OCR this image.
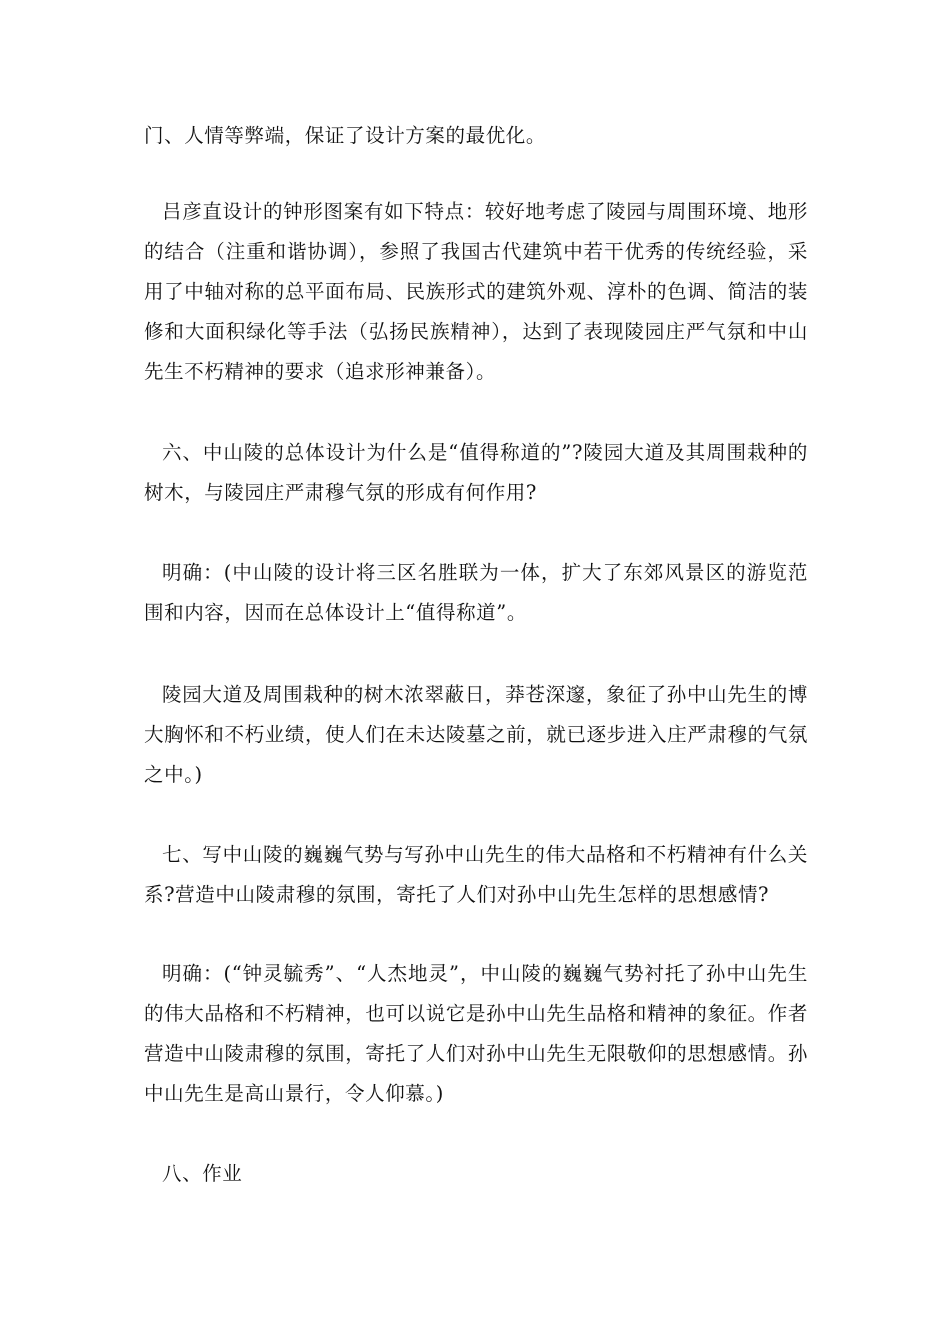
门、人情等弊端，保证了设计方案的最优化。

吕彦直设计的钟形图案有如下特点：较好地考虑了陵园与周围环境、地形的结合（注重和谐协调），参照了我国古代建筑中若干优秀的传统经验，采用了中轴对称的总平面布局、民族形式的建筑外观、淳朴的色调、简洁的装修和大面积绿化等手法（弘扬民族精神），达到了表现陵园庄严气氛和中山先生不朽精神的要求（追求形神兼备）。

六、中山陵的总体设计为什么是“值得称道的”?陵园大道及其周围栽种的树木，与陵园庄严肃穆气氛的形成有何作用?

明确：(中山陵的设计将三区名胜联为一体，扩大了东郊风景区的游览范围和内容，因而在总体设计上“值得称道”。

陵园大道及周围栽种的树木浓翠蔽日，莽苍深邃，象征了孙中山先生的博大胸怀和不朽业绩，使人们在未达陵墓之前，就已逐步进入庄严肃穆的气氛之中。)

七、写中山陵的巍巍气势与写孙中山先生的伟大品格和不朽精神有什么关系?营造中山陵肃穆的氛围，寄托了人们对孙中山先生怎样的思想感情?

明确：(“钟灵毓秀”、“人杰地灵”，中山陵的巍巍气势衬托了孙中山先生的伟大品格和不朽精神，也可以说它是孙中山先生品格和精神的象征。作者营造中山陵肃穆的氛围，寄托了人们对孙中山先生无限敬仰的思想感情。孙中山先生是高山景行，令人仰慕。)

八、作业
